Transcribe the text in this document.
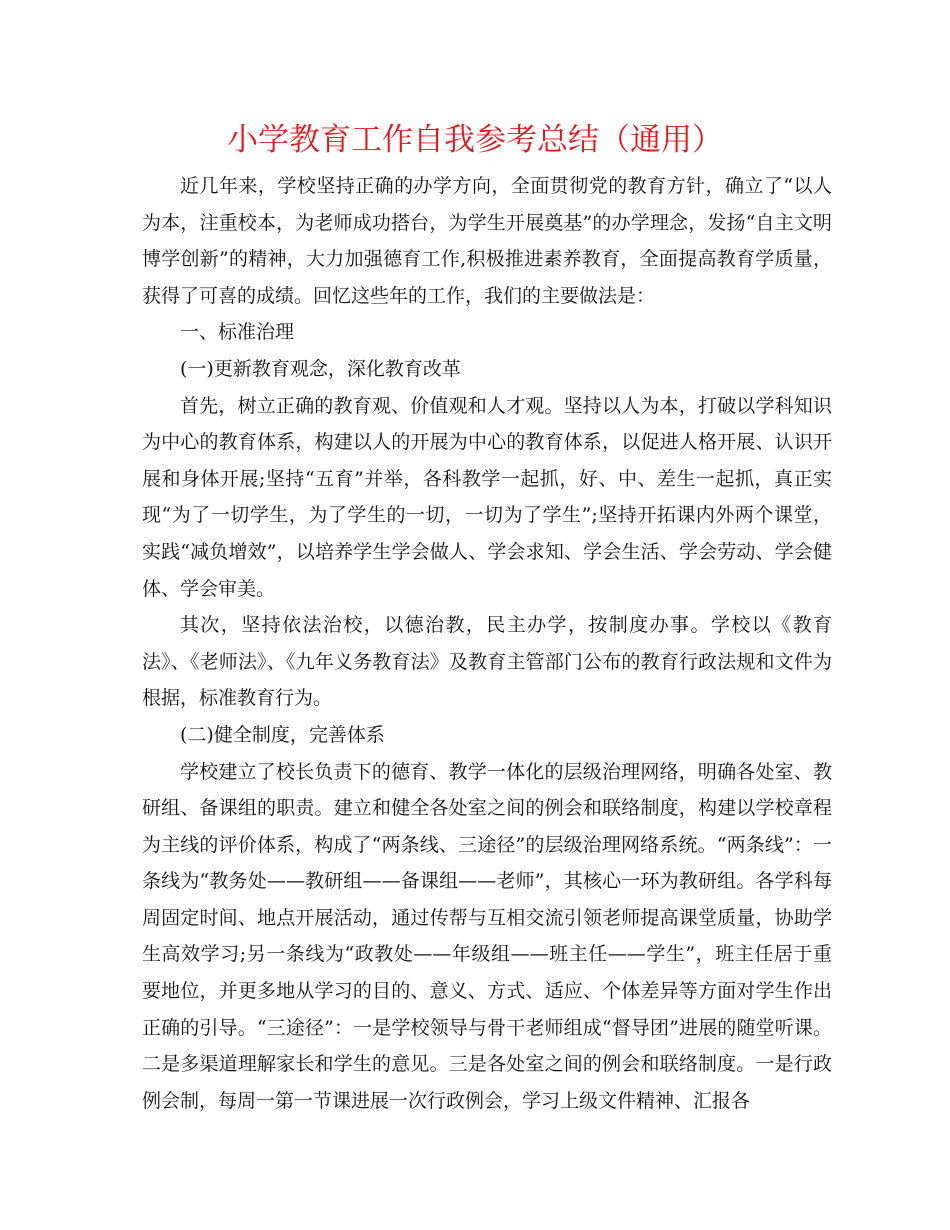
小学教育工作自我参考总结（通用）

近几年来，学校坚持正确的办学方向，全面贯彻党的教育方针，确立了“以人为本，注重校本，为老师成功搭台，为学生开展奠基”的办学理念，发扬“自主文明博学创新”的精神，大力加强德育工作,积极推进素养教育，全面提高教育学质量，获得了可喜的成绩。回忆这些年的工作，我们的主要做法是：

一、标准治理

(一)更新教育观念，深化教育改革

首先，树立正确的教育观、价值观和人才观。坚持以人为本，打破以学科知识为中心的教育体系，构建以人的开展为中心的教育体系，以促进人格开展、认识开展和身体开展;坚持“五育”并举，各科教学一起抓，好、中、差生一起抓，真正实现“为了一切学生，为了学生的一切，一切为了学生”;坚持开拓课内外两个课堂，实践“减负增效”，以培养学生学会做人、学会求知、学会生活、学会劳动、学会健体、学会审美。

其次，坚持依法治校，以德治教，民主办学，按制度办事。学校以《教育法》、《老师法》、《九年义务教育法》及教育主管部门公布的教育行政法规和文件为根据，标准教育行为。

(二)健全制度，完善体系

学校建立了校长负责下的德育、教学一体化的层级治理网络，明确各处室、教研组、备课组的职责。建立和健全各处室之间的例会和联络制度，构建以学校章程为主线的评价体系，构成了“两条线、三途径”的层级治理网络系统。“两条线”：一条线为“教务处——教研组——备课组——老师”，其核心一环为教研组。各学科每周固定时间、地点开展活动，通过传帮与互相交流引领老师提高课堂质量，协助学生高效学习;另一条线为“政教处——年级组——班主任——学生”，班主任居于重要地位，并更多地从学习的目的、意义、方式、适应、个体差异等方面对学生作出正确的引导。“三途径”：一是学校领导与骨干老师组成“督导团”进展的随堂听课。二是多渠道理解家长和学生的意见。三是各处室之间的例会和联络制度。一是行政例会制，每周一第一节课进展一次行政例会，学习上级文件精神、汇报各
